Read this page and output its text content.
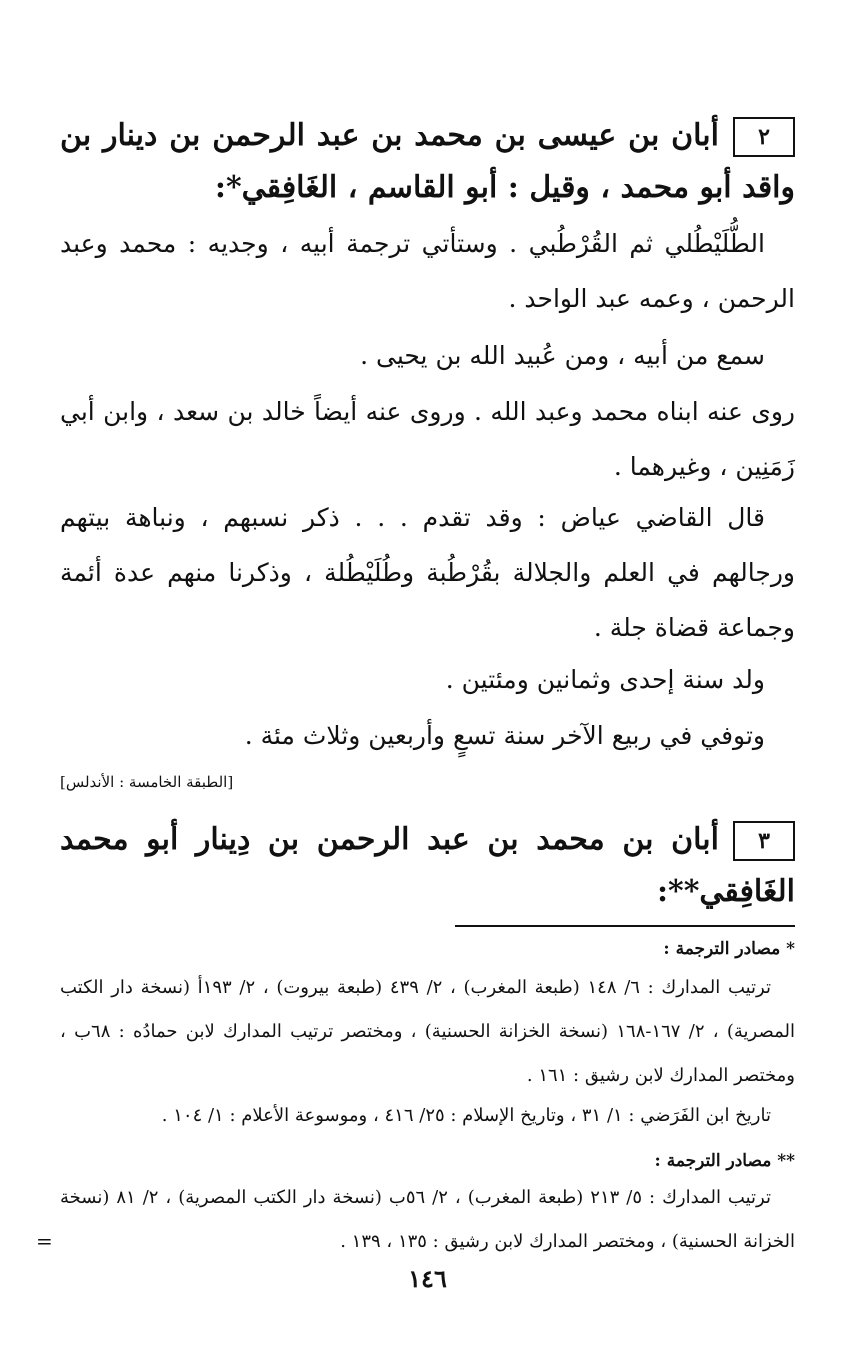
٢أبان بن عيسى بن محمد بن عبد الرحمن بن دينار بن واقد أبو محمد ، وقيل : أبو القاسم ، الغَافِقي*:

الطُّلَيْطُلي ثم القُرْطُبي . وستأتي ترجمة أبيه ، وجديه : محمد وعبد الرحمن ، وعمه عبد الواحد .

سمع من أبيه ، ومن عُبيد الله بن يحيى .

روى عنه ابناه محمد وعبد الله . وروى عنه أيضاً خالد بن سعد ، وابن أبي زَمَنِين ، وغيرهما .

قال القاضي عياض : وقد تقدم . . . ذكر نسبهم ، ونباهة بيتهم ورجالهم في العلم والجلالة بقُرْطُبة وطُلَيْطُلة ، وذكرنا منهم عدة أئمة وجماعة قضاة جلة .

ولد سنة إحدى وثمانين ومئتين .

وتوفي في ربيع الآخر سنة تسعٍ وأربعين وثلاث مئة .

[الطبقة الخامسة : الأندلس]
٣أبان بن محمد بن عبد الرحمن بن دِينار أبو محمد الغَافِقي**:
* مصادر الترجمة :

ترتيب المدارك : ٦/ ١٤٨ (طبعة المغرب) ، ٢/ ٤٣٩ (طبعة بيروت) ، ٢/ ١٩٣أ (نسخة دار الكتب المصرية) ، ٢/ ١٦٧-١٦٨ (نسخة الخزانة الحسنية) ، ومختصر ترتيب المدارك لابن حمادُه : ٦٨ب ، ومختصر المدارك لابن رشيق : ١٦١ .

تاريخ ابن الفَرَضي : ١/ ٣١ ، وتاريخ الإسلام : ٢٥/ ٤١٦ ، وموسوعة الأعلام : ١/ ١٠٤ .

** مصادر الترجمة :

ترتيب المدارك : ٥/ ٢١٣ (طبعة المغرب) ، ٢/ ٥٦ب (نسخة دار الكتب المصرية) ، ٢/ ٨١ (نسخة الخزانة الحسنية) ، ومختصر المدارك لابن رشيق : ١٣٥ ، ١٣٩ .

=
١٤٦
